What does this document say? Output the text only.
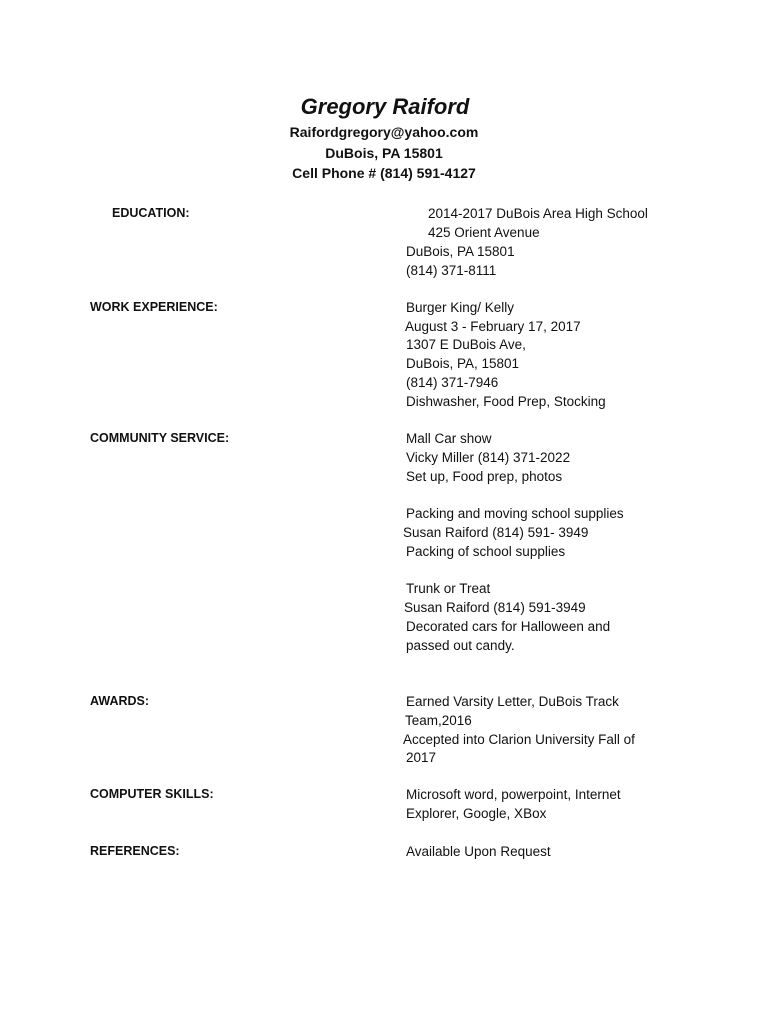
Gregory Raiford
Raifordgregory@yahoo.com
DuBois, PA 15801
Cell Phone # (814) 591-4127
EDUCATION:	2014-2017 DuBois Area High School
425 Orient Avenue
DuBois, PA 15801
(814) 371-8111
WORK EXPERIENCE:	Burger King/ Kelly
August 3 - February 17, 2017
1307 E DuBois Ave,
DuBois, PA, 15801
(814) 371-7946
Dishwasher, Food Prep, Stocking
COMMUNITY SERVICE:	Mall Car show
Vicky Miller (814) 371-2022
Set up, Food prep, photos
Packing and moving school supplies
Susan Raiford (814) 591- 3949
Packing of school supplies
Trunk or Treat
Susan Raiford (814) 591-3949
Decorated cars for Halloween and
passed out candy.
AWARDS:	Earned Varsity Letter, DuBois Track
Team,2016
Accepted into Clarion University Fall of
2017
COMPUTER SKILLS:	Microsoft word, powerpoint, Internet
Explorer, Google, XBox
REFERENCES:	Available Upon Request
